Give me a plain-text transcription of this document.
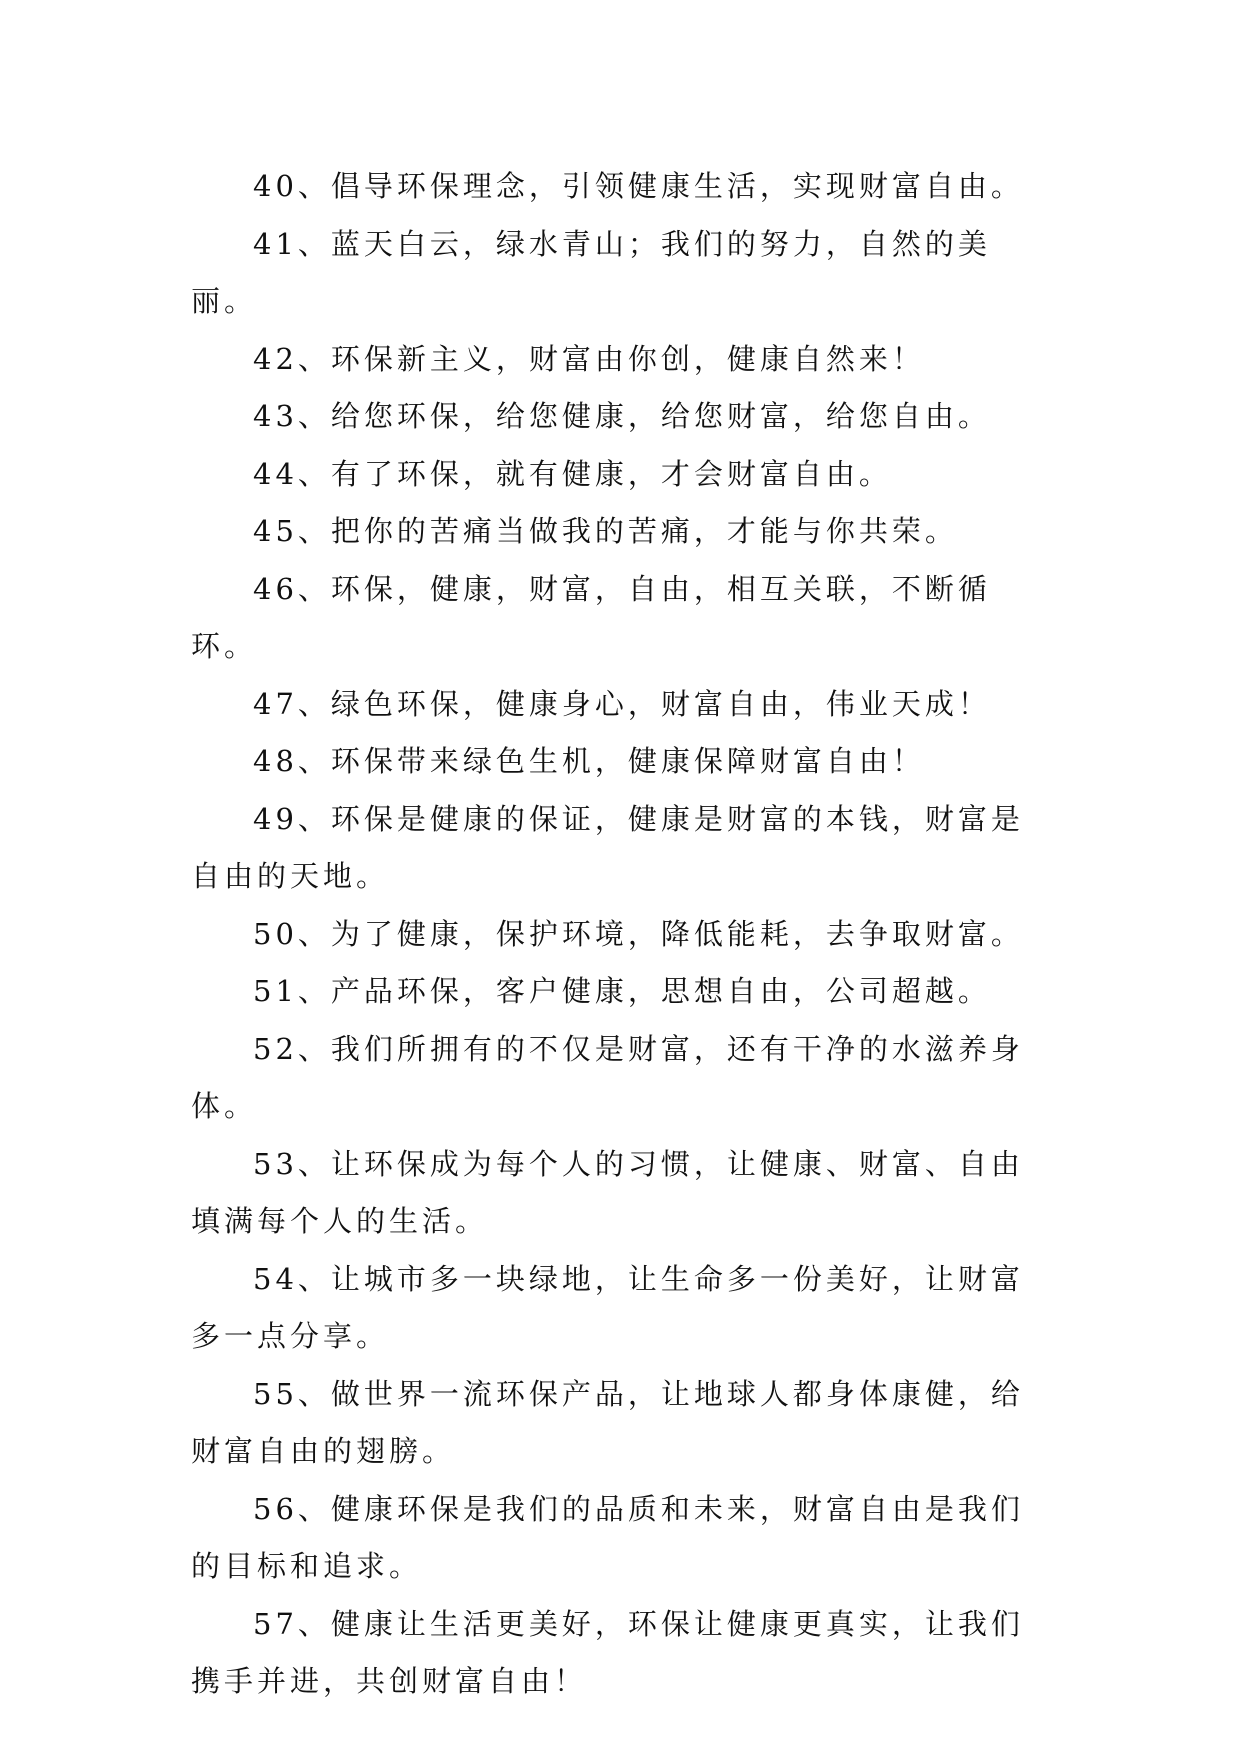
40、倡导环保理念，引领健康生活，实现财富自由。

41、蓝天白云，绿水青山；我们的努力，自然的美丽。

42、环保新主义，财富由你创，健康自然来！

43、给您环保，给您健康，给您财富，给您自由。

44、有了环保，就有健康，才会财富自由。

45、把你的苦痛当做我的苦痛，才能与你共荣。

46、环保，健康，财富，自由，相互关联，不断循环。

47、绿色环保，健康身心，财富自由，伟业天成！

48、环保带来绿色生机，健康保障财富自由！

49、环保是健康的保证，健康是财富的本钱，财富是自由的天地。

50、为了健康，保护环境，降低能耗，去争取财富。

51、产品环保，客户健康，思想自由，公司超越。

52、我们所拥有的不仅是财富，还有干净的水滋养身体。

53、让环保成为每个人的习惯，让健康、财富、自由填满每个人的生活。

54、让城市多一块绿地，让生命多一份美好，让财富多一点分享。

55、做世界一流环保产品，让地球人都身体康健，给财富自由的翅膀。

56、健康环保是我们的品质和未来，财富自由是我们的目标和追求。

57、健康让生活更美好，环保让健康更真实，让我们携手并进，共创财富自由！
